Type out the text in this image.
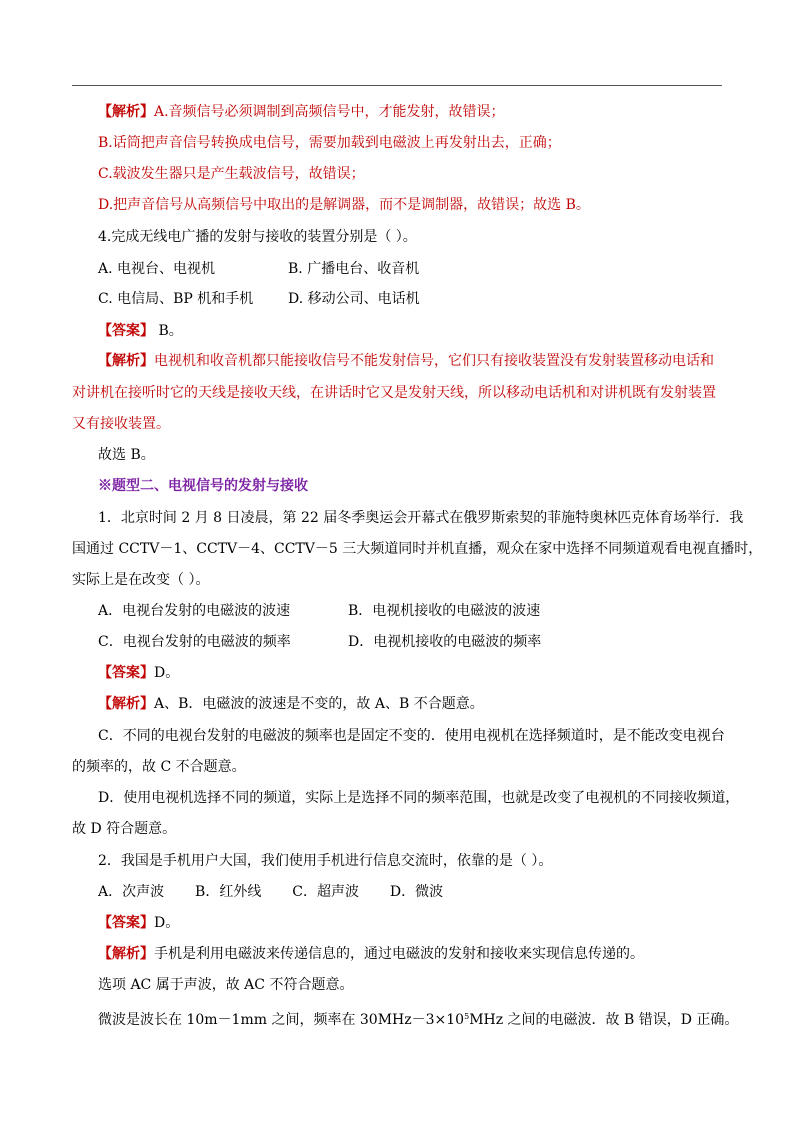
【解析】A.音频信号必须调制到高频信号中，才能发射，故错误；
B.话筒把声音信号转换成电信号，需要加载到电磁波上再发射出去，正确；
C.载波发生器只是产生载波信号，故错误；
D.把声音信号从高频信号中取出的是解调器，而不是调制器，故错误；故选 B。
4.完成无线电广播的发射与接收的装置分别是（ ）。
A. 电视台、电视机	B. 广播电台、收音机
C. 电信局、BP 机和手机 D. 移动公司、电话机
【答案】 B。
【解析】电视机和收音机都只能接收信号不能发射信号，它们只有接收装置没有发射装置移动电话和
对讲机在接听时它的天线是接收天线，在讲话时它又是发射天线，所以移动电话机和对讲机既有发射装置
又有接收装置。
故选 B。
※题型二、电视信号的发射与接收
1．北京时间 2 月 8 日凌晨，第 22 届冬季奥运会开幕式在俄罗斯索契的菲施特奥林匹克体育场举行．我
国通过 CCTV－1、CCTV－4、CCTV－5 三大频道同时并机直播，观众在家中选择不同频道观看电视直播时，
实际上是在改变（ ）。
A．电视台发射的电磁波的波速	B．电视机接收的电磁波的波速
C．电视台发射的电磁波的频率	D．电视机接收的电磁波的频率
【答案】D。
【解析】A、B．电磁波的波速是不变的，故 A、B 不合题意。
C．不同的电视台发射的电磁波的频率也是固定不变的．使用电视机在选择频道时，是不能改变电视台
的频率的，故 C 不合题意。
D．使用电视机选择不同的频道，实际上是选择不同的频率范围，也就是改变了电视机的不同接收频道，
故 D 符合题意。
2．我国是手机用户大国，我们使用手机进行信息交流时，依靠的是（ ）。
A．次声波 B．红外线 C．超声波 D．微波
【答案】D。
【解析】手机是利用电磁波来传递信息的，通过电磁波的发射和接收来实现信息传递的。
选项 AC 属于声波，故 AC 不符合题意。
微波是波长在 10m－1mm 之间，频率在 $30MHz-3\times 10^5MHz$ 之间的电磁波．故 B 错误，D 正确。
